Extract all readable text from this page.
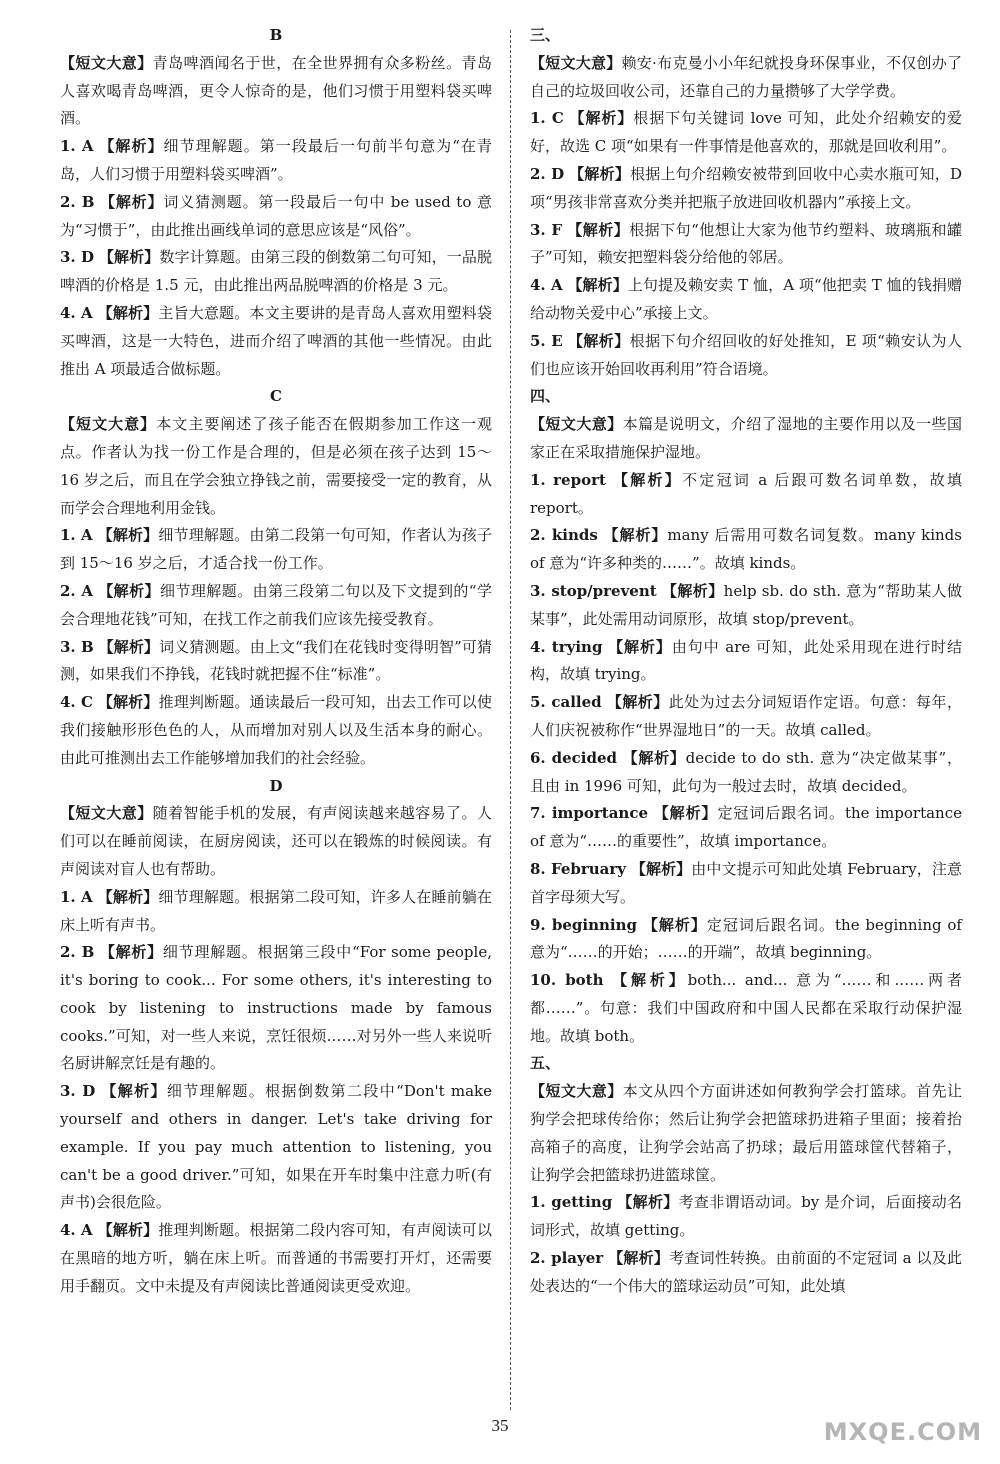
B

【短文大意】青岛啤酒闻名于世，在全世界拥有众多粉丝。青岛人喜欢喝青岛啤酒，更令人惊奇的是，他们习惯于用塑料袋买啤酒。

1. A 【解析】细节理解题。第一段最后一句前半句意为“在青岛，人们习惯于用塑料袋买啤酒”。

2. B 【解析】词义猜测题。第一段最后一句中 be used to 意为“习惯于”，由此推出画线单词的意思应该是“风俗”。

3. D 【解析】数字计算题。由第三段的倒数第二句可知，一品脱啤酒的价格是 1.5 元，由此推出两品脱啤酒的价格是 3 元。

4. A 【解析】主旨大意题。本文主要讲的是青岛人喜欢用塑料袋买啤酒，这是一大特色，进而介绍了啤酒的其他一些情况。由此推出 A 项最适合做标题。

C

【短文大意】本文主要阐述了孩子能否在假期参加工作这一观点。作者认为找一份工作是合理的，但是必须在孩子达到 15～16 岁之后，而且在学会独立挣钱之前，需要接受一定的教育，从而学会合理地利用金钱。

1. A 【解析】细节理解题。由第二段第一句可知，作者认为孩子到 15～16 岁之后，才适合找一份工作。

2. A 【解析】细节理解题。由第三段第二句以及下文提到的“学会合理地花钱”可知，在找工作之前我们应该先接受教育。

3. B 【解析】词义猜测题。由上文“我们在花钱时变得明智”可猜测，如果我们不挣钱，花钱时就把握不住“标准”。

4. C 【解析】推理判断题。通读最后一段可知，出去工作可以使我们接触形形色色的人，从而增加对别人以及生活本身的耐心。由此可推测出去工作能够增加我们的社会经验。

D

【短文大意】随着智能手机的发展，有声阅读越来越容易了。人们可以在睡前阅读，在厨房阅读，还可以在锻炼的时候阅读。有声阅读对盲人也有帮助。

1. A 【解析】细节理解题。根据第二段可知，许多人在睡前躺在床上听有声书。

2. B 【解析】细节理解题。根据第三段中“For some people, it's boring to cook... For some others, it's interesting to cook by listening to instructions made by famous cooks.”可知，对一些人来说，烹饪很烦……对另外一些人来说听名厨讲解烹饪是有趣的。

3. D 【解析】细节理解题。根据倒数第二段中“Don't make yourself and others in danger. Let's take driving for example. If you pay much attention to listening, you can't be a good driver.”可知，如果在开车时集中注意力听(有声书)会很危险。

4. A 【解析】推理判断题。根据第二段内容可知，有声阅读可以在黑暗的地方听，躺在床上听。而普通的书需要打开灯，还需要用手翻页。文中未提及有声阅读比普通阅读更受欢迎。

三、

【短文大意】赖安·布克曼小小年纪就投身环保事业，不仅创办了自己的垃圾回收公司，还靠自己的力量攒够了大学学费。

1. C 【解析】根据下句关键词 love 可知，此处介绍赖安的爱好，故选 C 项“如果有一件事情是他喜欢的，那就是回收利用”。

2. D 【解析】根据上句介绍赖安被带到回收中心卖水瓶可知，D 项“男孩非常喜欢分类并把瓶子放进回收机器内”承接上文。

3. F 【解析】根据下句“他想让大家为他节约塑料、玻璃瓶和罐子”可知，赖安把塑料袋分给他的邻居。

4. A 【解析】上句提及赖安卖 T 恤，A 项“他把卖 T 恤的钱捐赠给动物关爱中心”承接上文。

5. E 【解析】根据下句介绍回收的好处推知，E 项“赖安认为人们也应该开始回收再利用”符合语境。

四、

【短文大意】本篇是说明文，介绍了湿地的主要作用以及一些国家正在采取措施保护湿地。

1. report 【解析】不定冠词 a 后跟可数名词单数，故填 report。

2. kinds 【解析】many 后需用可数名词复数。many kinds of 意为“许多种类的……”。故填 kinds。

3. stop/prevent 【解析】help sb. do sth. 意为“帮助某人做某事”，此处需用动词原形，故填 stop/prevent。

4. trying 【解析】由句中 are 可知，此处采用现在进行时结构，故填 trying。

5. called 【解析】此处为过去分词短语作定语。句意：每年，人们庆祝被称作“世界湿地日”的一天。故填 called。

6. decided 【解析】decide to do sth. 意为“决定做某事”，且由 in 1996 可知，此句为一般过去时，故填 decided。

7. importance 【解析】定冠词后跟名词。the importance of 意为“……的重要性”，故填 importance。

8. February 【解析】由中文提示可知此处填 February，注意首字母须大写。

9. beginning 【解析】定冠词后跟名词。the beginning of 意为“……的开始；……的开端”，故填 beginning。

10. both 【解析】both... and... 意为“……和……两者都……”。句意：我们中国政府和中国人民都在采取行动保护湿地。故填 both。

五、

【短文大意】本文从四个方面讲述如何教狗学会打篮球。首先让狗学会把球传给你；然后让狗学会把篮球扔进箱子里面；接着抬高箱子的高度，让狗学会站高了扔球；最后用篮球筐代替箱子，让狗学会把篮球扔进篮球筐。

1. getting 【解析】考查非谓语动词。by 是介词，后面接动名词形式，故填 getting。

2. player 【解析】考查词性转换。由前面的不定冠词 a 以及此处表达的“一个伟大的篮球运动员”可知，此处填

35	MXQE.COM
